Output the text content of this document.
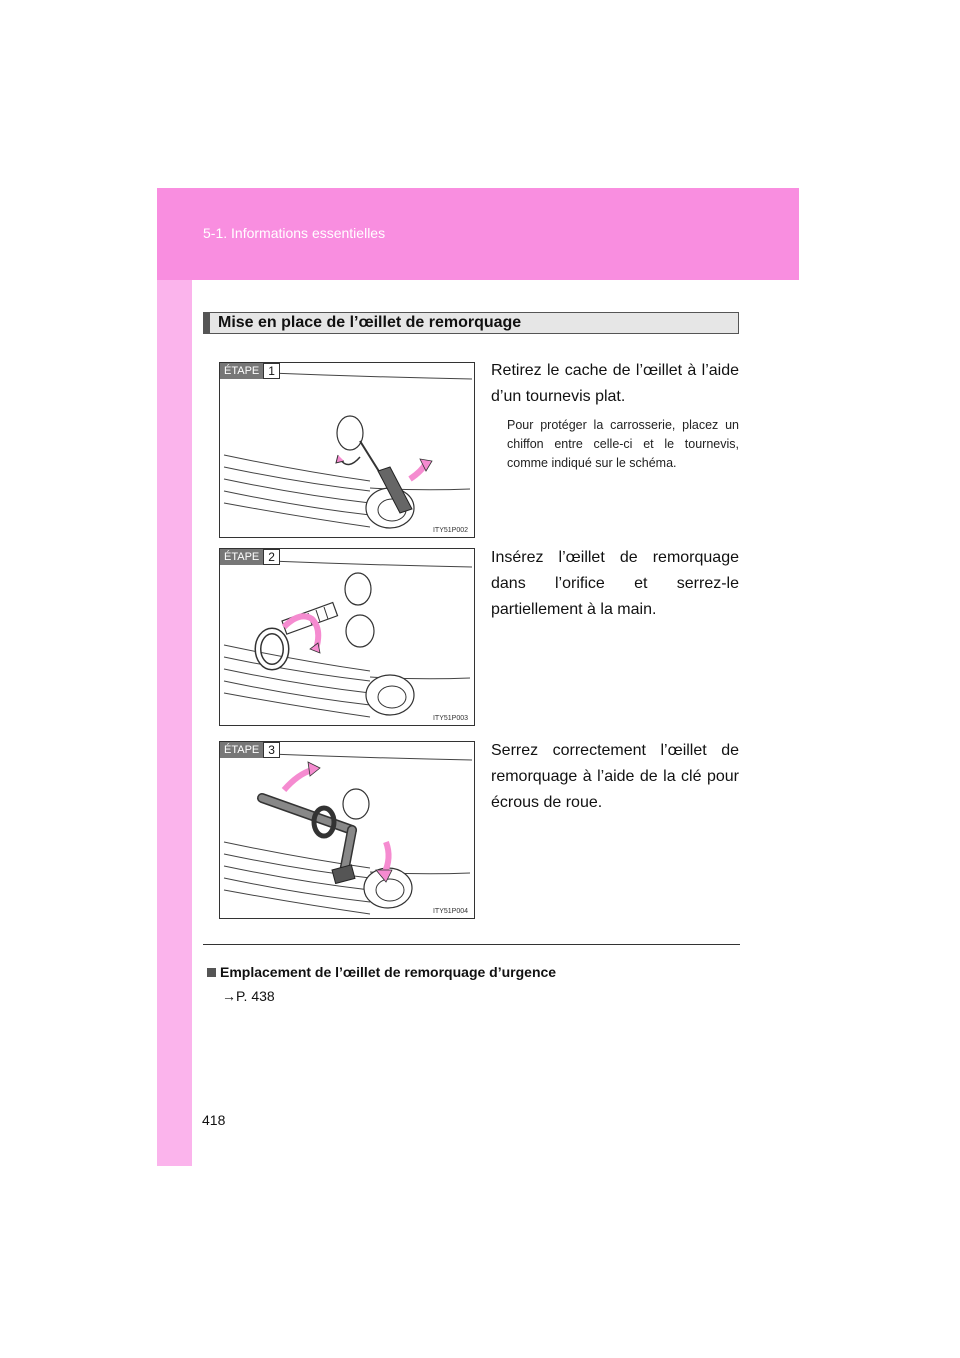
5-1. Informations essentielles
Mise en place de l’œillet de remorquage
ÉTAPE 1
ITY51P002
Retirez le cache de l’œillet à l’aide d’un tournevis plat.
Pour protéger la carrosserie, placez un chiffon entre celle-ci et le tournevis, comme indiqué sur le schéma.
ÉTAPE 2
ITY51P003
Insérez l’œillet de remorquage dans l’orifice et serrez-le partiellement à la main.
ÉTAPE 3
ITY51P004
Serrez correctement l’œillet de remorquage à l’aide de la clé pour écrous de roue.
Emplacement de l’œillet de remorquage d’urgence
→P. 438
418
